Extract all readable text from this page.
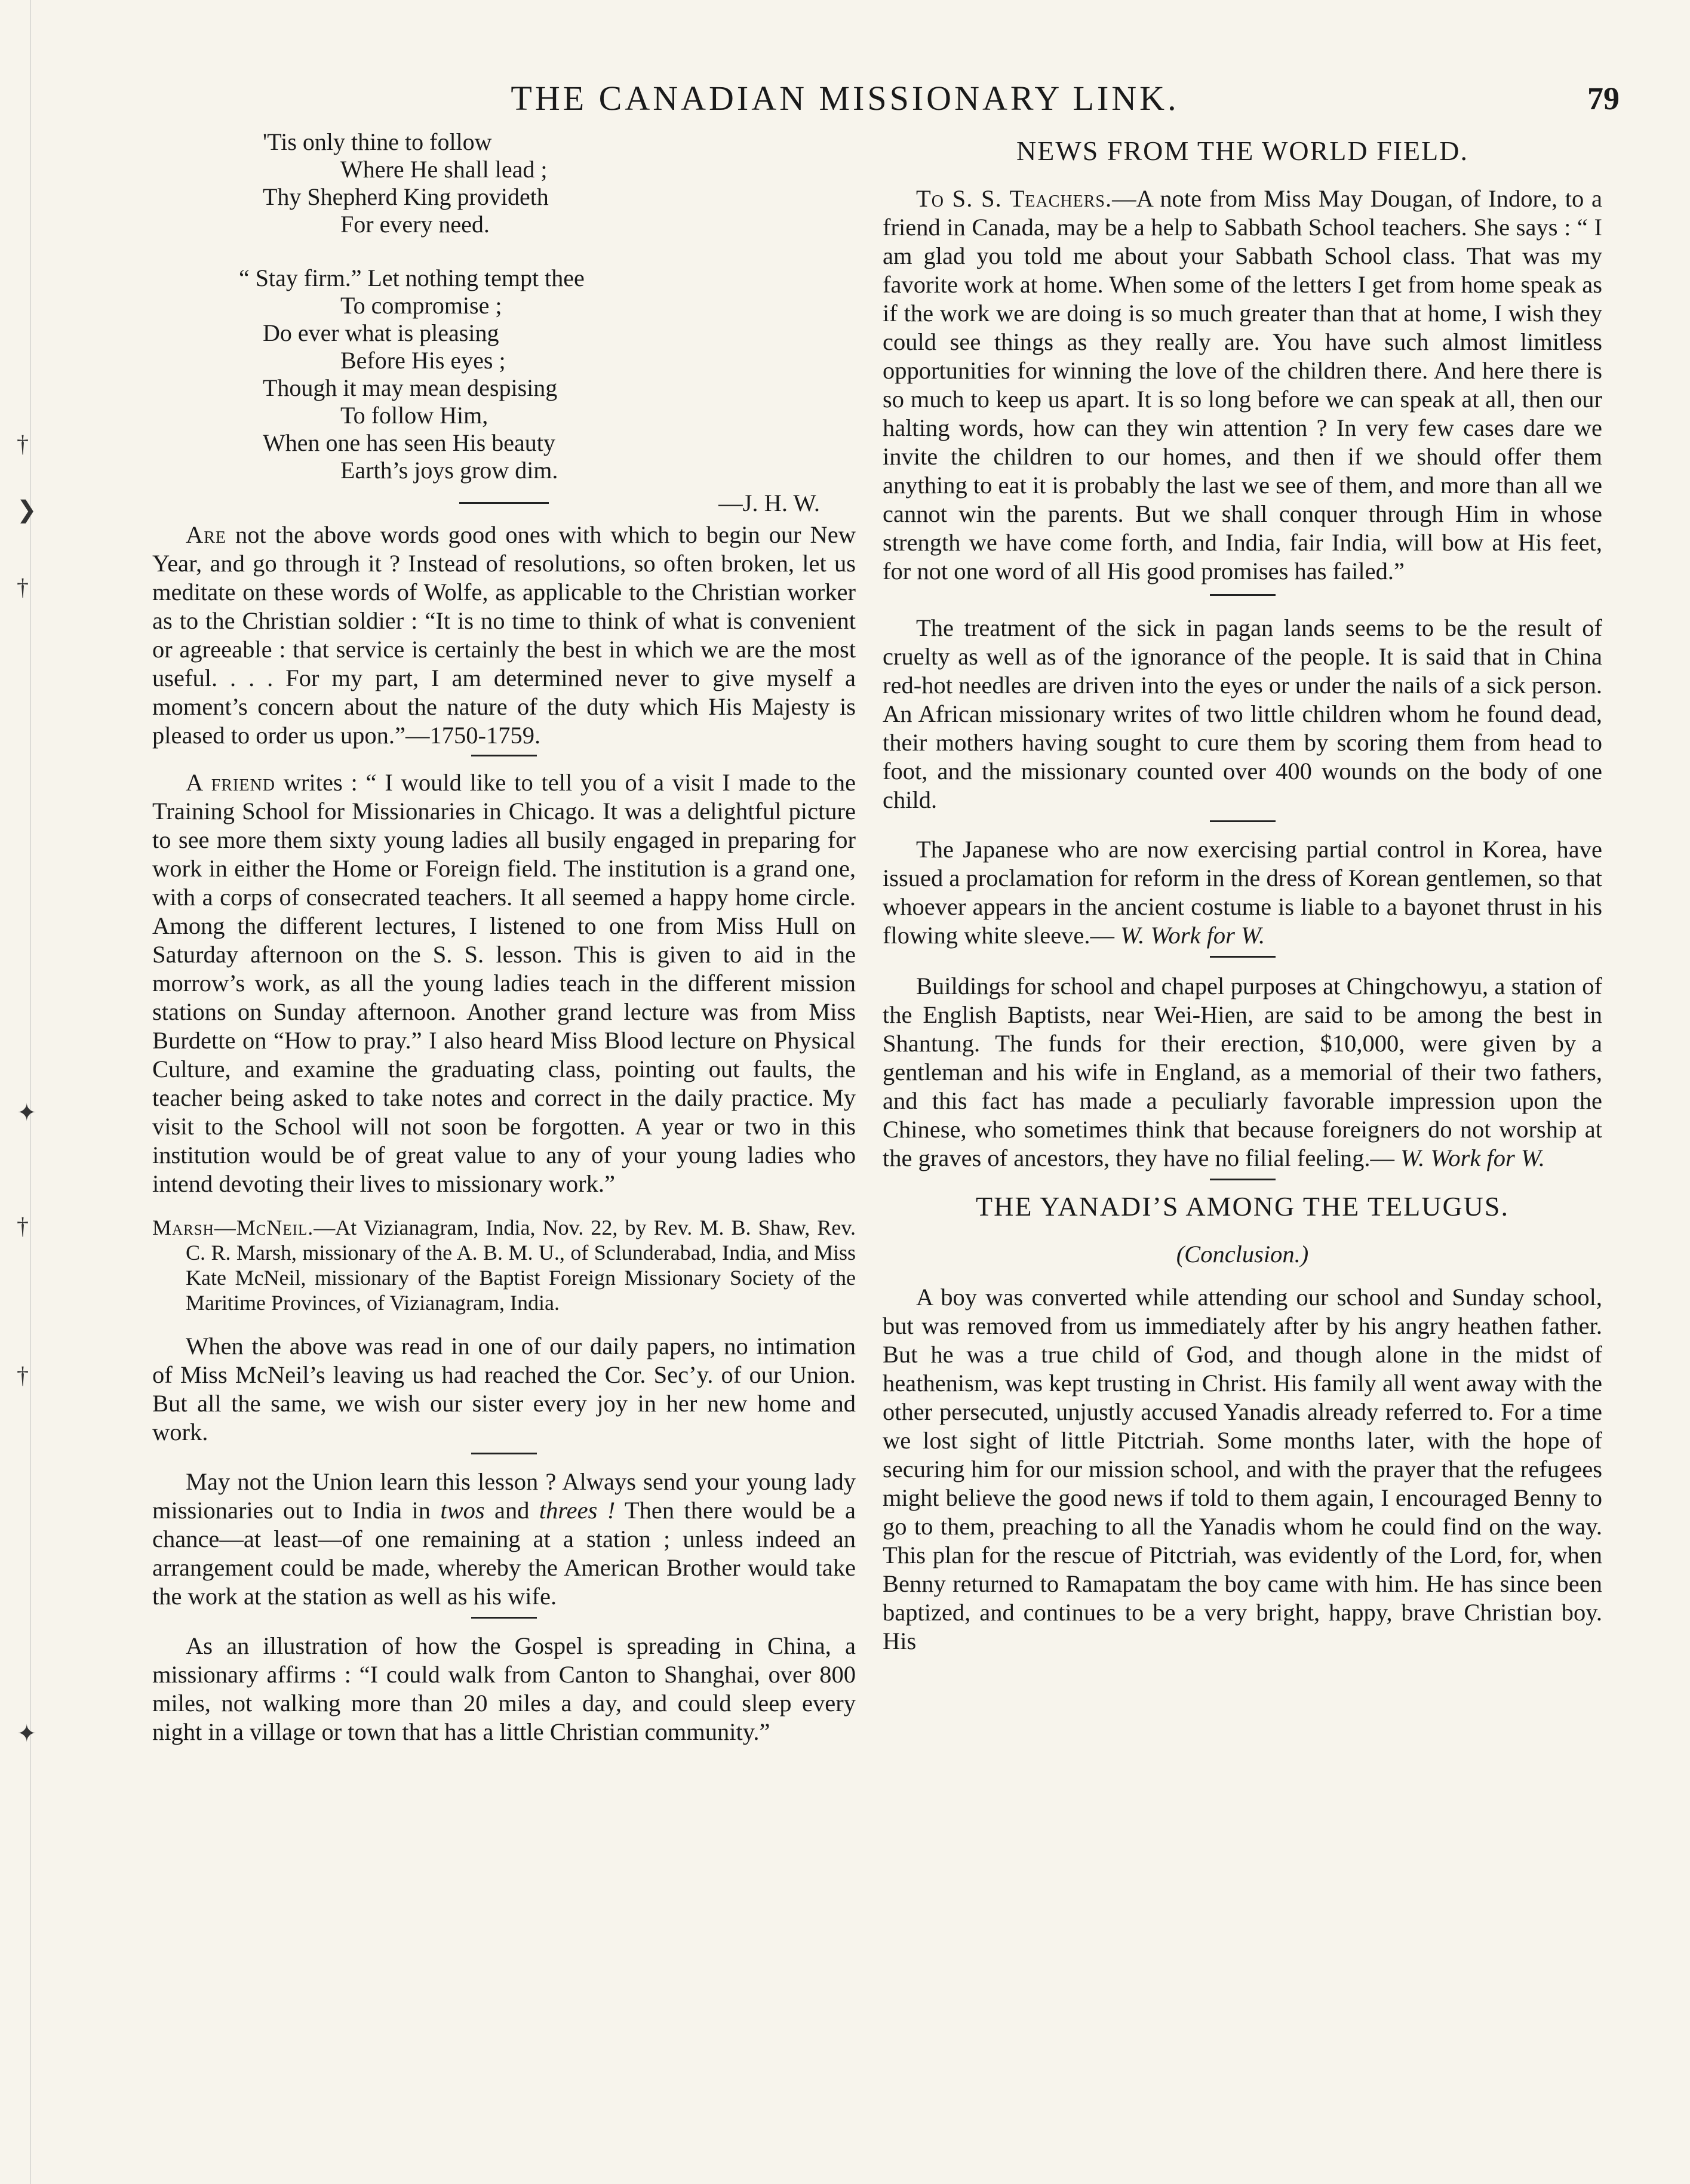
†
❯
†
✦
†
†
✦
THE CANADIAN MISSIONARY LINK.	79
'Tis only thine to follow
Where He shall lead ;
Thy Shepherd King provideth
For every need.
“ Stay firm.” Let nothing tempt thee
To compromise ;
Do ever what is pleasing
Before His eyes ;
Though it may mean despising
To follow Him,
When one has seen His beauty
Earth’s joys grow dim.
—J. H. W.

Are not the above words good ones with which to begin our New Year, and go through it ? Instead of resolutions, so often broken, let us meditate on these words of Wolfe, as applicable to the Christian worker as to the Christian soldier : “It is no time to think of what is convenient or agreeable : that service is certainly the best in which we are the most useful. . . . For my part, I am determined never to give myself a moment’s concern about the nature of the duty which His Majesty is pleased to order us upon.”—1750-1759.

A friend writes : “ I would like to tell you of a visit I made to the Training School for Missionaries in Chicago. It was a delightful picture to see more them sixty young ladies all busily engaged in preparing for work in either the Home or Foreign field. The institution is a grand one, with a corps of consecrated teachers. It all seemed a happy home circle. Among the different lectures, I listened to one from Miss Hull on Saturday afternoon on the S. S. lesson. This is given to aid in the morrow’s work, as all the young ladies teach in the different mission stations on Sunday afternoon. Another grand lecture was from Miss Burdette on “How to pray.” I also heard Miss Blood lecture on Physical Culture, and examine the graduating class, pointing out faults, the teacher being asked to take notes and correct in the daily practice. My visit to the School will not soon be forgotten. A year or two in this institution would be of great value to any of your young ladies who intend devoting their lives to missionary work.”

Marsh—McNeil.—At Vizianagram, India, Nov. 22, by Rev. M. B. Shaw, Rev. C. R. Marsh, missionary of the A. B. M. U., of Sclunderabad, India, and Miss Kate McNeil, missionary of the Baptist Foreign Missionary Society of the Maritime Provinces, of Vizianagram, India.

When the above was read in one of our daily papers, no intimation of Miss McNeil’s leaving us had reached the Cor. Sec’y. of our Union. But all the same, we wish our sister every joy in her new home and work.

May not the Union learn this lesson ? Always send your young lady missionaries out to India in twos and threes ! Then there would be a chance—at least—of one remaining at a station ; unless indeed an arrangement could be made, whereby the American Brother would take the work at the station as well as his wife.

As an illustration of how the Gospel is spreading in China, a missionary affirms : “I could walk from Canton to Shanghai, over 800 miles, not walking more than 20 miles a day, and could sleep every night in a village or town that has a little Christian community.”

NEWS FROM THE WORLD FIELD.

To S. S. Teachers.—A note from Miss May Dougan, of Indore, to a friend in Canada, may be a help to Sabbath School teachers. She says : “ I am glad you told me about your Sabbath School class. That was my favorite work at home. When some of the letters I get from home speak as if the work we are doing is so much greater than that at home, I wish they could see things as they really are. You have such almost limitless opportunities for winning the love of the children there. And here there is so much to keep us apart. It is so long before we can speak at all, then our halting words, how can they win attention ? In very few cases dare we invite the children to our homes, and then if we should offer them anything to eat it is probably the last we see of them, and more than all we cannot win the parents. But we shall conquer through Him in whose strength we have come forth, and India, fair India, will bow at His feet, for not one word of all His good promises has failed.”

The treatment of the sick in pagan lands seems to be the result of cruelty as well as of the ignorance of the people. It is said that in China red-hot needles are driven into the eyes or under the nails of a sick person. An African missionary writes of two little children whom he found dead, their mothers having sought to cure them by scoring them from head to foot, and the missionary counted over 400 wounds on the body of one child.

The Japanese who are now exercising partial control in Korea, have issued a proclamation for reform in the dress of Korean gentlemen, so that whoever appears in the ancient costume is liable to a bayonet thrust in his flowing white sleeve.— W. Work for W.

Buildings for school and chapel purposes at Chingchowyu, a station of the English Baptists, near Wei-Hien, are said to be among the best in Shantung. The funds for their erection, $10,000, were given by a gentleman and his wife in England, as a memorial of their two fathers, and this fact has made a peculiarly favorable impression upon the Chinese, who sometimes think that because foreigners do not worship at the graves of ancestors, they have no filial feeling.— W. Work for W.

THE YANADI’S AMONG THE TELUGUS.
(Conclusion.)

A boy was converted while attending our school and Sunday school, but was removed from us immediately after by his angry heathen father. But he was a true child of God, and though alone in the midst of heathenism, was kept trusting in Christ. His family all went away with the other persecuted, unjustly accused Yanadis already referred to. For a time we lost sight of little Pitctriah. Some months later, with the hope of securing him for our mission school, and with the prayer that the refugees might believe the good news if told to them again, I encouraged Benny to go to them, preaching to all the Yanadis whom he could find on the way. This plan for the rescue of Pitctriah, was evidently of the Lord, for, when Benny returned to Ramapatam the boy came with him. He has since been baptized, and continues to be a very bright, happy, brave Christian boy. His
